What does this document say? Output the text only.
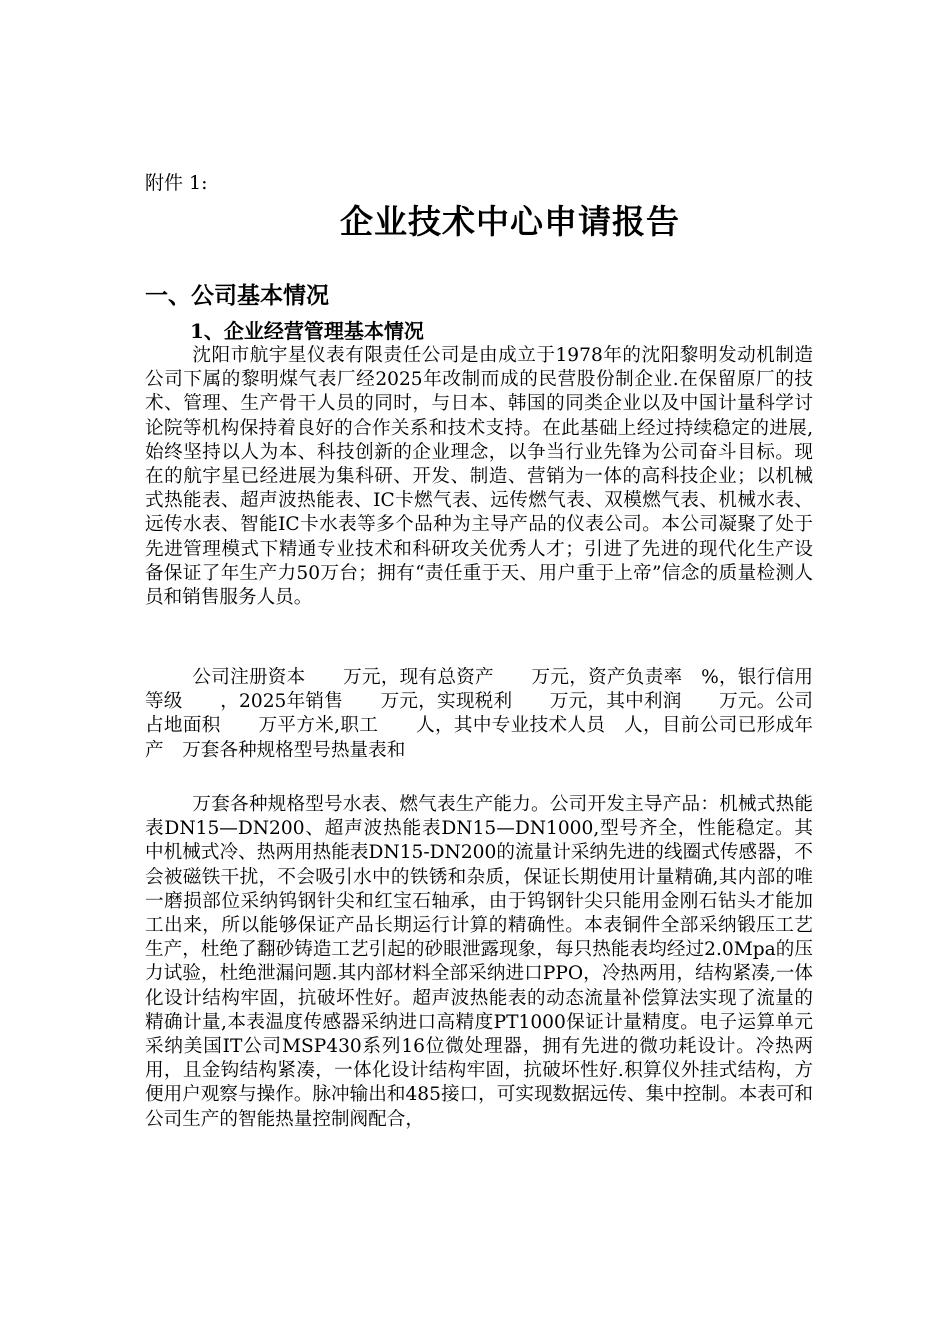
附件 1:
企业技术中心申请报告
一、公司基本情况
1、企业经营管理基本情况

沈阳市航宇星仪表有限责任公司是由成立于1978年的沈阳黎明发动机制造公司下属的黎明煤气表厂经2025年改制而成的民营股份制企业.在保留原厂的技术、管理、生产骨干人员的同时，与日本、韩国的同类企业以及中国计量科学讨论院等机构保持着良好的合作关系和技术支持。在此基础上经过持续稳定的进展,始终坚持以人为本、科技创新的企业理念，以争当行业先锋为公司奋斗目标。现在的航宇星已经进展为集科研、开发、制造、营销为一体的高科技企业；以机械式热能表、超声波热能表、IC卡燃气表、远传燃气表、双模燃气表、机械水表、远传水表、智能IC卡水表等多个品种为主导产品的仪表公司。本公司凝聚了处于先进管理模式下精通专业技术和科研攻关优秀人才；引进了先进的现代化生产设备保证了年生产力50万台；拥有“责任重于天、用户重于上帝”信念的质量检测人员和销售服务人员。

公司注册资本　　万元，现有总资产　　万元，资产负责率　%，银行信用等级　　，2025年销售　　万元，实现税利　　万元，其中利润　　万元。公司占地面积　　万平方米,职工　　人，其中专业技术人员　人，目前公司已形成年产　万套各种规格型号热量表和

万套各种规格型号水表、燃气表生产能力。公司开发主导产品：机械式热能表DN15—DN200、超声波热能表DN15—DN1000,型号齐全，性能稳定。其中机械式冷、热两用热能表DN15-DN200的流量计采纳先进的线圈式传感器，不会被磁铁干扰，不会吸引水中的铁锈和杂质，保证长期使用计量精确,其内部的唯一磨损部位采纳钨钢针尖和红宝石轴承，由于钨钢针尖只能用金刚石钻头才能加工出来，所以能够保证产品长期运行计算的精确性。本表铜件全部采纳锻压工艺生产，杜绝了翻砂铸造工艺引起的砂眼泄露现象，每只热能表均经过2.0Mpa的压力试验，杜绝泄漏问题.其内部材料全部采纳进口PPO，冷热两用，结构紧凑,一体化设计结构牢固，抗破坏性好。超声波热能表的动态流量补偿算法实现了流量的精确计量,本表温度传感器采纳进口高精度PT1000保证计量精度。电子运算单元采纳美国IT公司MSP430系列16位微处理器，拥有先进的微功耗设计。冷热两用，且金钩结构紧凑，一体化设计结构牢固，抗破坏性好.积算仪外挂式结构，方便用户观察与操作。脉冲输出和485接口，可实现数据远传、集中控制。本表可和公司生产的智能热量控制阀配合，
